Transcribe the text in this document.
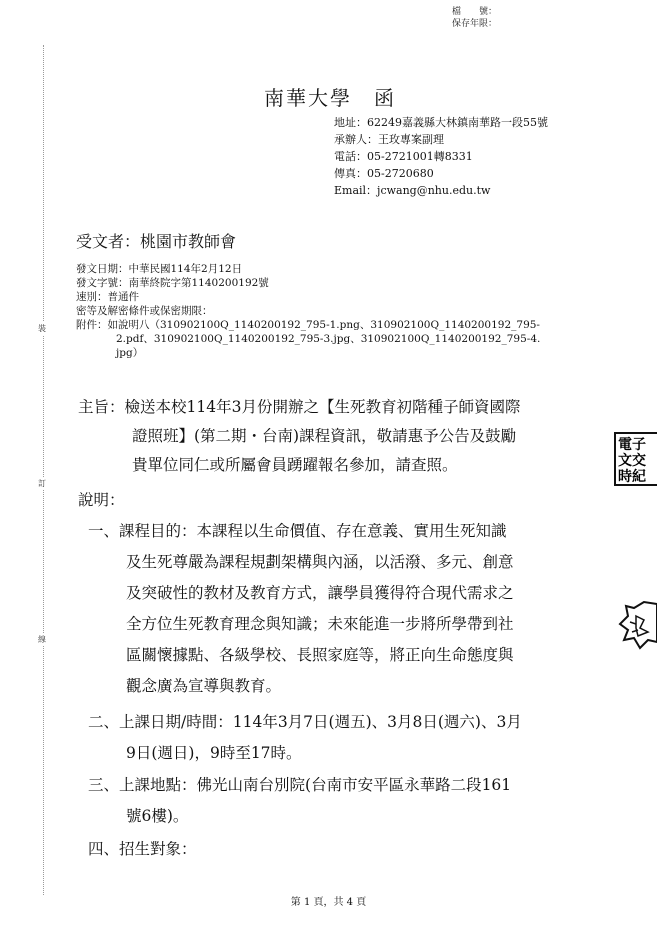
裝
訂
線
檔　　號：
保存年限：
南華大學　函
地址：62249嘉義縣大林鎮南華路一段55號
承辦人：王玫專案副理
電話：05-2721001轉8331
傳真：05-2720680
Email：jcwang@nhu.edu.tw
受文者：桃園市教師會
發文日期：中華民國114年2月12日
發文字號：南華終院字第1140200192號
速別：普通件
密等及解密條件或保密期限：
附件： 如說明八（310902100Q_1140200192_795-1.png、310902100Q_1140200192_795-
2.pdf、310902100Q_1140200192_795-3.jpg、310902100Q_1140200192_795-4.
jpg）
主旨： 檢送本校114年3月份開辦之【生死教育初階種子師資國際
證照班】(第二期・台南)課程資訊，敬請惠予公告及鼓勵
貴單位同仁或所屬會員踴躍報名參加，請查照。
說明：
一、 課程目的：本課程以生命價值、存在意義、實用生死知識
及生死尊嚴為課程規劃架構與內涵，以活潑、多元、創意
及突破性的教材及教育方式，讓學員獲得符合現代需求之
全方位生死教育理念與知識；未來能進一步將所學帶到社
區關懷據點、各級學校、長照家庭等，將正向生命態度與
觀念廣為宣導與教育。
二、 上課日期/時間：114年3月7日(週五)、3月8日(週六)、3月
9日(週日)，9時至17時。
三、 上課地點：佛光山南台別院(台南市安平區永華路二段161
號6樓)。
四、 招生對象：
第 1 頁，共 4 頁
電子
文交
時紀
